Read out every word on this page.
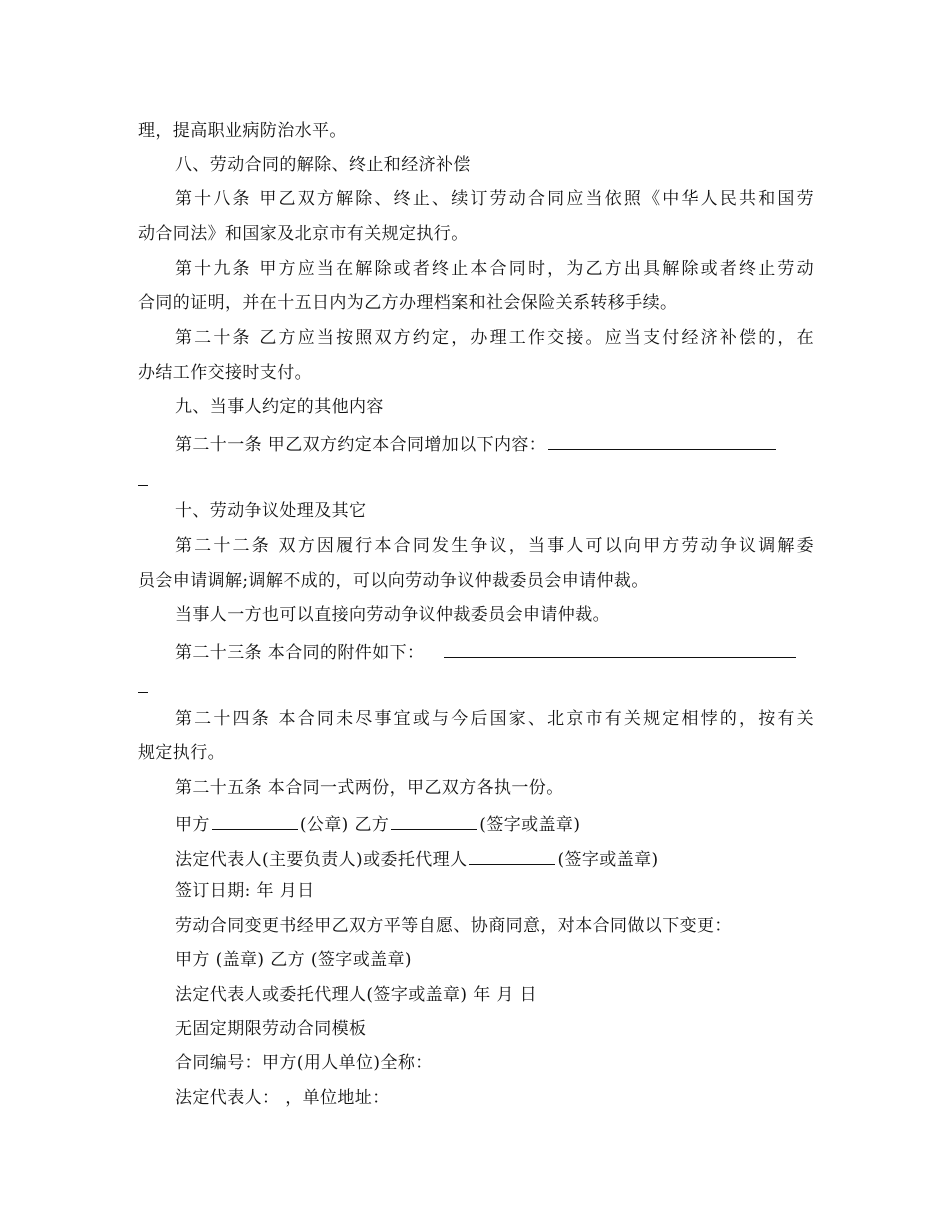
理，提高职业病防治水平。
八、劳动合同的解除、终止和经济补偿
第十八条 甲乙双方解除、终止、续订劳动合同应当依照《中华人民共和国劳
动合同法》和国家及北京市有关规定执行。
第十九条 甲方应当在解除或者终止本合同时，为乙方出具解除或者终止劳动
合同的证明，并在十五日内为乙方办理档案和社会保险关系转移手续。
第二十条 乙方应当按照双方约定，办理工作交接。应当支付经济补偿的，在
办结工作交接时支付。
九、当事人约定的其他内容
第二十一条 甲乙双方约定本合同增加以下内容：
十、劳动争议处理及其它
第二十二条 双方因履行本合同发生争议，当事人可以向甲方劳动争议调解委
员会申请调解;调解不成的，可以向劳动争议仲裁委员会申请仲裁。
当事人一方也可以直接向劳动争议仲裁委员会申请仲裁。
第二十三条 本合同的附件如下：
第二十四条 本合同未尽事宜或与今后国家、北京市有关规定相悖的，按有关
规定执行。
第二十五条 本合同一式两份，甲乙双方各执一份。
甲方	(公章) 乙方	(签字或盖章)
法定代表人(主要负责人)或委托代理人	(签字或盖章)
签订日期: 年 月日
劳动合同变更书经甲乙双方平等自愿、协商同意，对本合同做以下变更：
甲方 (盖章) 乙方 (签字或盖章)
法定代表人或委托代理人(签字或盖章) 年 月 日
无固定期限劳动合同模板
合同编号：甲方(用人单位)全称：
法定代表人： ，单位地址：
